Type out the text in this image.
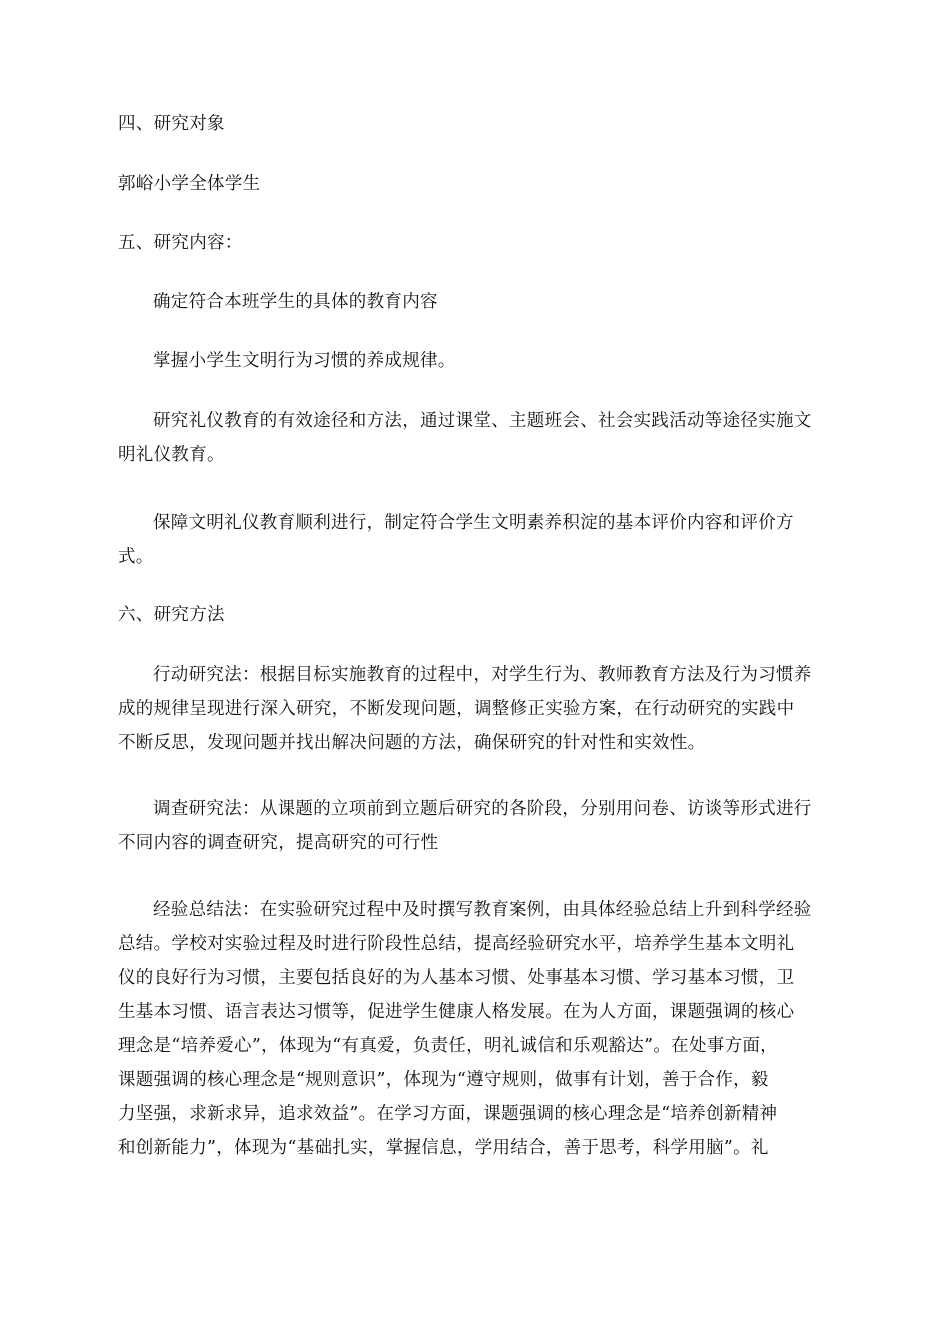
四、研究对象

郭峪小学全体学生

五、研究内容：

确定符合本班学生的具体的教育内容

掌握小学生文明行为习惯的养成规律。

研究礼仪教育的有效途径和方法，通过课堂、主题班会、社会实践活动等途径实施文
明礼仪教育。

保障文明礼仪教育顺利进行，制定符合学生文明素养积淀的基本评价内容和评价方
式。

六、研究方法

行动研究法：根据目标实施教育的过程中，对学生行为、教师教育方法及行为习惯养
成的规律呈现进行深入研究，不断发现问题，调整修正实验方案，在行动研究的实践中
不断反思，发现问题并找出解决问题的方法，确保研究的针对性和实效性。

调查研究法：从课题的立项前到立题后研究的各阶段，分别用问卷、访谈等形式进行
不同内容的调查研究，提高研究的可行性

经验总结法：在实验研究过程中及时撰写教育案例，由具体经验总结上升到科学经验
总结。学校对实验过程及时进行阶段性总结，提高经验研究水平，培养学生基本文明礼
仪的良好行为习惯，主要包括良好的为人基本习惯、处事基本习惯、学习基本习惯，卫
生基本习惯、语言表达习惯等，促进学生健康人格发展。在为人方面，课题强调的核心
理念是“培养爱心”，体现为“有真爱，负责任，明礼诚信和乐观豁达”。在处事方面，
课题强调的核心理念是“规则意识”，体现为“遵守规则，做事有计划，善于合作，毅
力坚强，求新求异，追求效益”。在学习方面，课题强调的核心理念是“培养创新精神
和创新能力”，体现为“基础扎实，掌握信息，学用结合，善于思考，科学用脑”。礼
